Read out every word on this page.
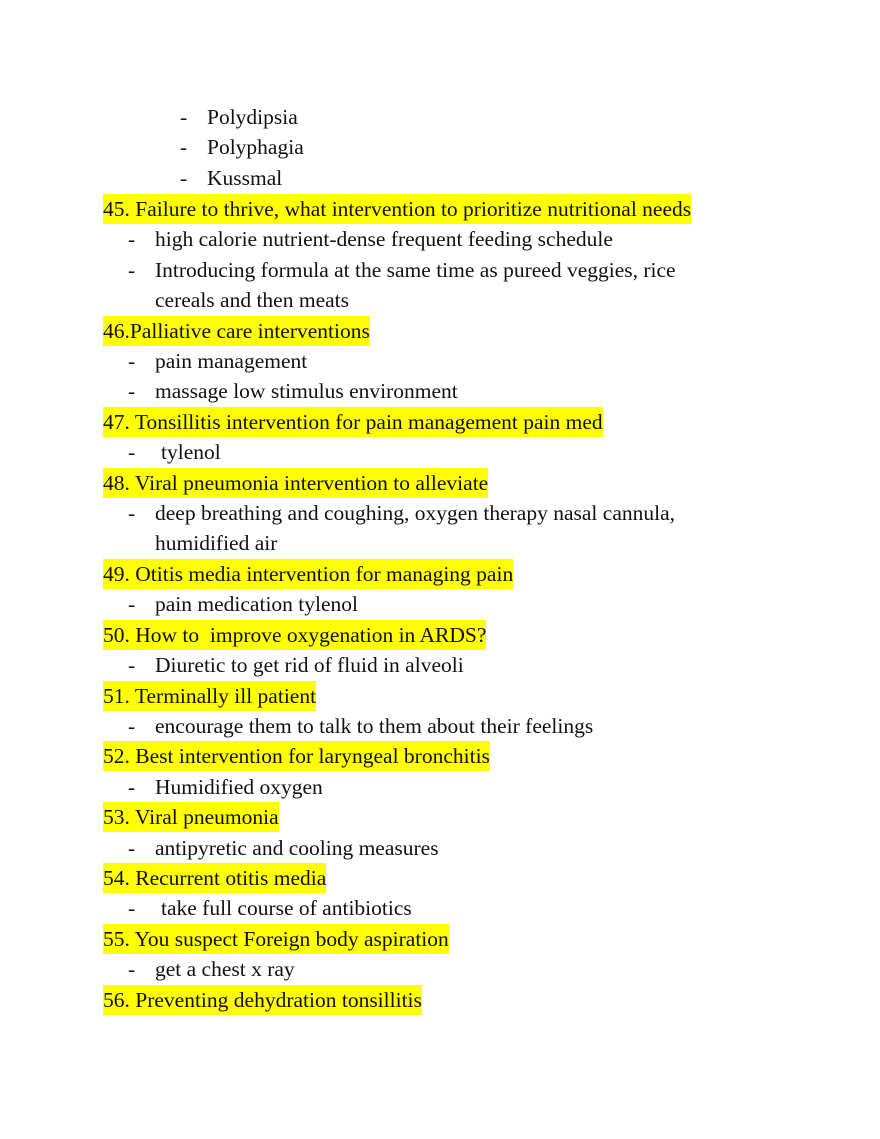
- Polydipsia
- Polyphagia
- Kussmal
45. Failure to thrive, what intervention to prioritize nutritional needs
- high calorie nutrient-dense frequent feeding schedule
- Introducing formula at the same time as pureed veggies, rice
cereals and then meats
46.Palliative care interventions
- pain management
- massage low stimulus environment
47. Tonsillitis intervention for pain management pain med
-	tylenol
48. Viral pneumonia intervention to alleviate
- deep breathing and coughing, oxygen therapy nasal cannula,
humidified air
49. Otitis media intervention for managing pain
- pain medication tylenol
50. How to  improve oxygenation in ARDS?
- Diuretic to get rid of fluid in alveoli
51. Terminally ill patient
- encourage them to talk to them about their feelings
52. Best intervention for laryngeal bronchitis
- Humidified oxygen
53. Viral pneumonia
- antipyretic and cooling measures
54. Recurrent otitis media
-	take full course of antibiotics
55. You suspect Foreign body aspiration
- get a chest x ray
56. Preventing dehydration tonsillitis
